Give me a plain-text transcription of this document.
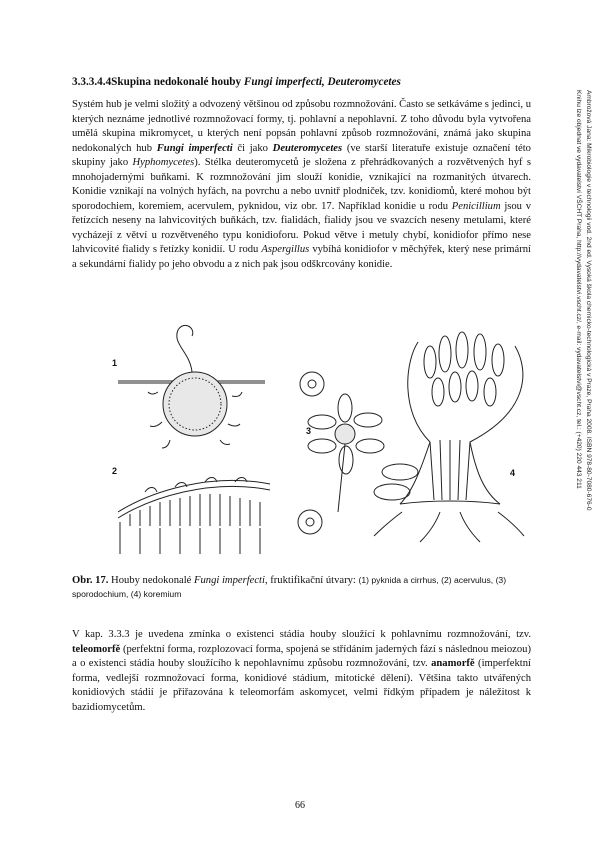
3.3.3.4.4Skupina nedokonalé houby Fungi imperfecti, Deuteromycetes
Systém hub je velmi složitý a odvozený většinou od způsobu rozmnožování. Často se setkáváme s jedinci, u kterých neznáme jednotlivé rozmnožovací formy, tj. pohlavní a nepohlavní. Z toho důvodu byla vytvořena umělá skupina mikromycet, u kterých není popsán pohlavní způsob rozmnožování, známá jako skupina nedokonalých hub Fungi imperfecti či jako Deuteromycetes (ve starší literatuře existuje označení této skupiny jako Hyphomycetes). Stélka deuteromycetů je složena z přehrádkovaných a rozvětvených hyf s mnohojadernými buňkami. K rozmnožování jim slouží konidie, vznikající na rozmanitých útvarech. Konidie vznikají na volných hyfách, na povrchu a nebo uvnitř plodniček, tzv. konidiomů, které mohou být sporodochiem, koremiem, acervulem, pyknidou, viz obr. 17. Například konidie u rodu Penicillium jsou v řetízcích neseny na lahvicovitých buňkách, tzv. fialidách, fialidy jsou ve svazcích neseny metulami, které vycházejí z větví u rozvětveného typu konidioforu. Pokud větve i metuly chybí, konidiofor přímo nese lahvicovité fialidy s řetízky konidií. U rodu Aspergillus vybíhá konidiofor v měchýřek, který nese primární a sekundární fialidy po jeho obvodu a z nich pak jsou odškrcovány konidie.
1
2
3
4
Obr. 17. Houby nedokonalé Fungi imperfecti, fruktifikační útvary: (1) pyknida a cirrhus, (2) acervulus, (3) sporodochium, (4) koremium
V kap. 3.3.3 je uvedena zmínka o existenci stádia houby sloužící k pohlavnímu rozmnožování, tzv. teleomorfě (perfektní forma, rozplozovací forma, spojená se střídáním jaderných fází s následnou meiozou) a o existenci stádia houby sloužícího k nepohlavnímu způsobu rozmnožování, tzv. anamorfě (imperfektní forma, vedlejší rozmnožovací forma, konidiové stádium, mitotické dělení). Většina takto utvářených konidiových stádií je přiřazována k teleomorfám askomycet, velmi řídkým případem je náležitost k bazidiomycetům.
Ambrožová Jana: Mikrobiologie v technologii vod. 2nd ed. Vysoká škola chemicko-technologická v Praze, Praha 2008. ISBN 978-80-7080-676-0
Knihu lze objednat ve vydavatelství VŠCHT Praha, http://vydavatelstvi.vscht.cz/, e-mail: vydavatelstvi@vscht.cz, tel.: (+420) 220 443 211
66
